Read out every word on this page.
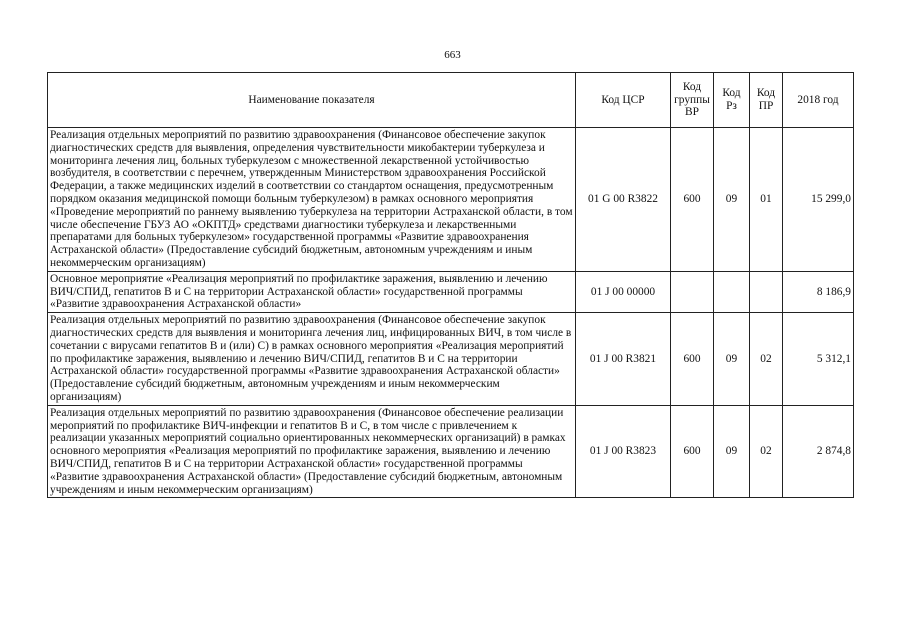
663
Наименование показателя	Код ЦСР	Код группы ВР	Код Рз	Код ПР	2018 год
Реализация отдельных мероприятий по развитию здравоохранения (Финансовое обеспечение закупок диагностических средств для выявления, определения чувствительности микобактерии туберкулеза и мониторинга лечения лиц, больных туберкулезом с множественной лекарственной устойчивостью возбудителя, в соответствии с перечнем, утвержденным Министерством здравоохранения Российской Федерации, а также медицинских изделий в соответствии со стандартом оснащения, предусмотренным порядком оказания медицинской помощи больным туберкулезом) в рамках основного мероприятия «Проведение мероприятий по раннему выявлению туберкулеза на территории Астраханской области, в том числе обеспечение ГБУЗ АО «ОКПТД» средствами диагностики туберкулеза и лекарственными препаратами для больных туберкулезом» государственной программы «Развитие здравоохранения Астраханской области» (Предоставление субсидий бюджетным, автономным учреждениям и иным некоммерческим организациям)	01 G 00 R3822	600	09	01	15 299,0
Основное мероприятие «Реализация мероприятий по профилактике заражения, выявлению и лечению ВИЧ/СПИД, гепатитов В и С на территории Астраханской области» государственной программы «Развитие здравоохранения Астраханской области»	01 J 00 00000				8 186,9
Реализация отдельных мероприятий по развитию здравоохранения (Финансовое обеспечение закупок диагностических средств для выявления и мониторинга лечения лиц, инфицированных ВИЧ, в том числе в сочетании с вирусами гепатитов В и (или) С) в рамках основного мероприятия «Реализация мероприятий по профилактике заражения, выявлению и лечению ВИЧ/СПИД, гепатитов В и С на территории Астраханской области» государственной программы «Развитие здравоохранения Астраханской области» (Предоставление субсидий бюджетным, автономным учреждениям и иным некоммерческим организациям)	01 J 00 R3821	600	09	02	5 312,1
Реализация отдельных мероприятий по развитию здравоохранения (Финансовое обеспечение реализации мероприятий по профилактике ВИЧ-инфекции и гепатитов В и С, в том числе с привлечением к реализации указанных мероприятий социально ориентированных некоммерческих организаций) в рамках основного мероприятия «Реализация мероприятий по профилактике заражения, выявлению и лечению ВИЧ/СПИД, гепатитов В и С на территории Астраханской области» государственной программы «Развитие здравоохранения Астраханской области» (Предоставление субсидий бюджетным, автономным учреждениям и иным некоммерческим организациям)	01 J 00 R3823	600	09	02	2 874,8
